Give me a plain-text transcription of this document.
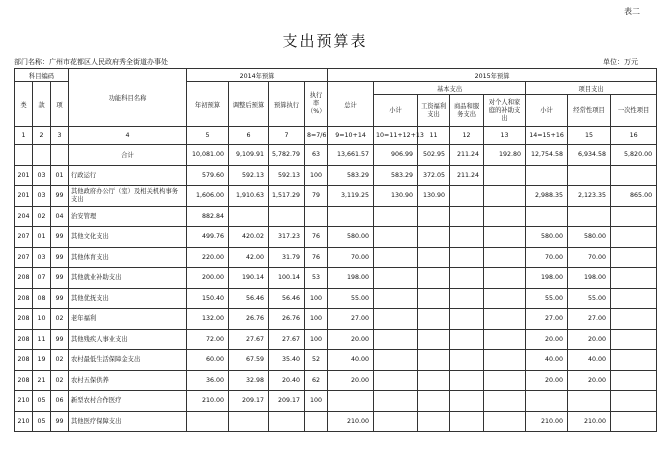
表二
支出预算表
部门名称：广州市花都区人民政府秀全街道办事处	单位：万元
科目编码			功能科目名称	2014年预算				2015年预算							
类	款	项		年初预算	调整后预算	预算执行	执行率（%）	总计	基本支出				项目支出		
									小计	工资福利支出	商品和服务支出	对个人和家庭的补助支出	小计	经常性项目	一次性项目
1	2	3	4	5	6	7	8=7/6	9=10+14	10=11+12+13	11	12	13	14=15+16	15	16
			合计	10,081.00	9,109.91	5,782.79	63	13,661.57	906.99	502.95	211.24	192.80	12,754.58	6,934.58	5,820.00
201	03	01	行政运行	579.60	592.13	592.13	100	583.29	583.29	372.05	211.24				
201	03	99	其他政府办公厅（室）及相关机构事务支出	1,606.00	1,910.63	1,517.29	79	3,119.25	130.90	130.90			2,988.35	2,123.35	865.00
204	02	04	治安管理	882.84											
207	01	99	其他文化支出	499.76	420.02	317.23	76	580.00					580.00	580.00	
207	03	99	其他体育支出	220.00	42.00	31.79	76	70.00					70.00	70.00	
208	07	99	其他就业补助支出	200.00	190.14	100.14	53	198.00					198.00	198.00	
208	08	99	其他优抚支出	150.40	56.46	56.46	100	55.00					55.00	55.00	
208	10	02	老年福利	132.00	26.76	26.76	100	27.00					27.00	27.00	
208	11	99	其他残疾人事业支出	72.00	27.67	27.67	100	20.00					20.00	20.00	
208	19	02	农村最低生活保障金支出	60.00	67.59	35.40	52	40.00					40.00	40.00	
208	21	02	农村五保供养	36.00	32.98	20.40	62	20.00					20.00	20.00	
210	05	06	新型农村合作医疗	210.00	209.17	209.17	100								
210	05	99	其他医疗保障支出					210.00					210.00	210.00	
